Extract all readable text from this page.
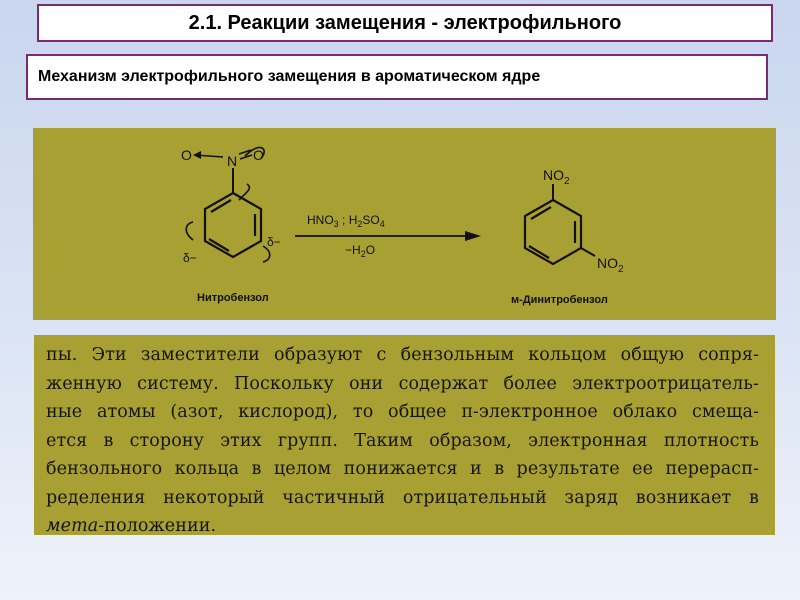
2.1. Реакции замещения - электрофильного
Механизм электрофильного замещения в ароматическом ядре
N
O	O
δ−
δ−
Нитробензол
$HNO_3$ ; $H_2SO_4$
$-H_2O$
$NO_2$
$NO_2$
м-Динитробензол
пы. Эти заместители образуют с бензольным кольцом общую сопря-
женную систему. Поскольку они содержат более электроотрицатель-
ные атомы (азот, кислород), то общее π-электронное облако смеща-
ется в сторону этих групп. Таким образом, электронная плотность
бензольного кольца в целом понижается и в результате ее перерасп-
ределения некоторый частичный отрицательный заряд возникает в
мета-положении.
